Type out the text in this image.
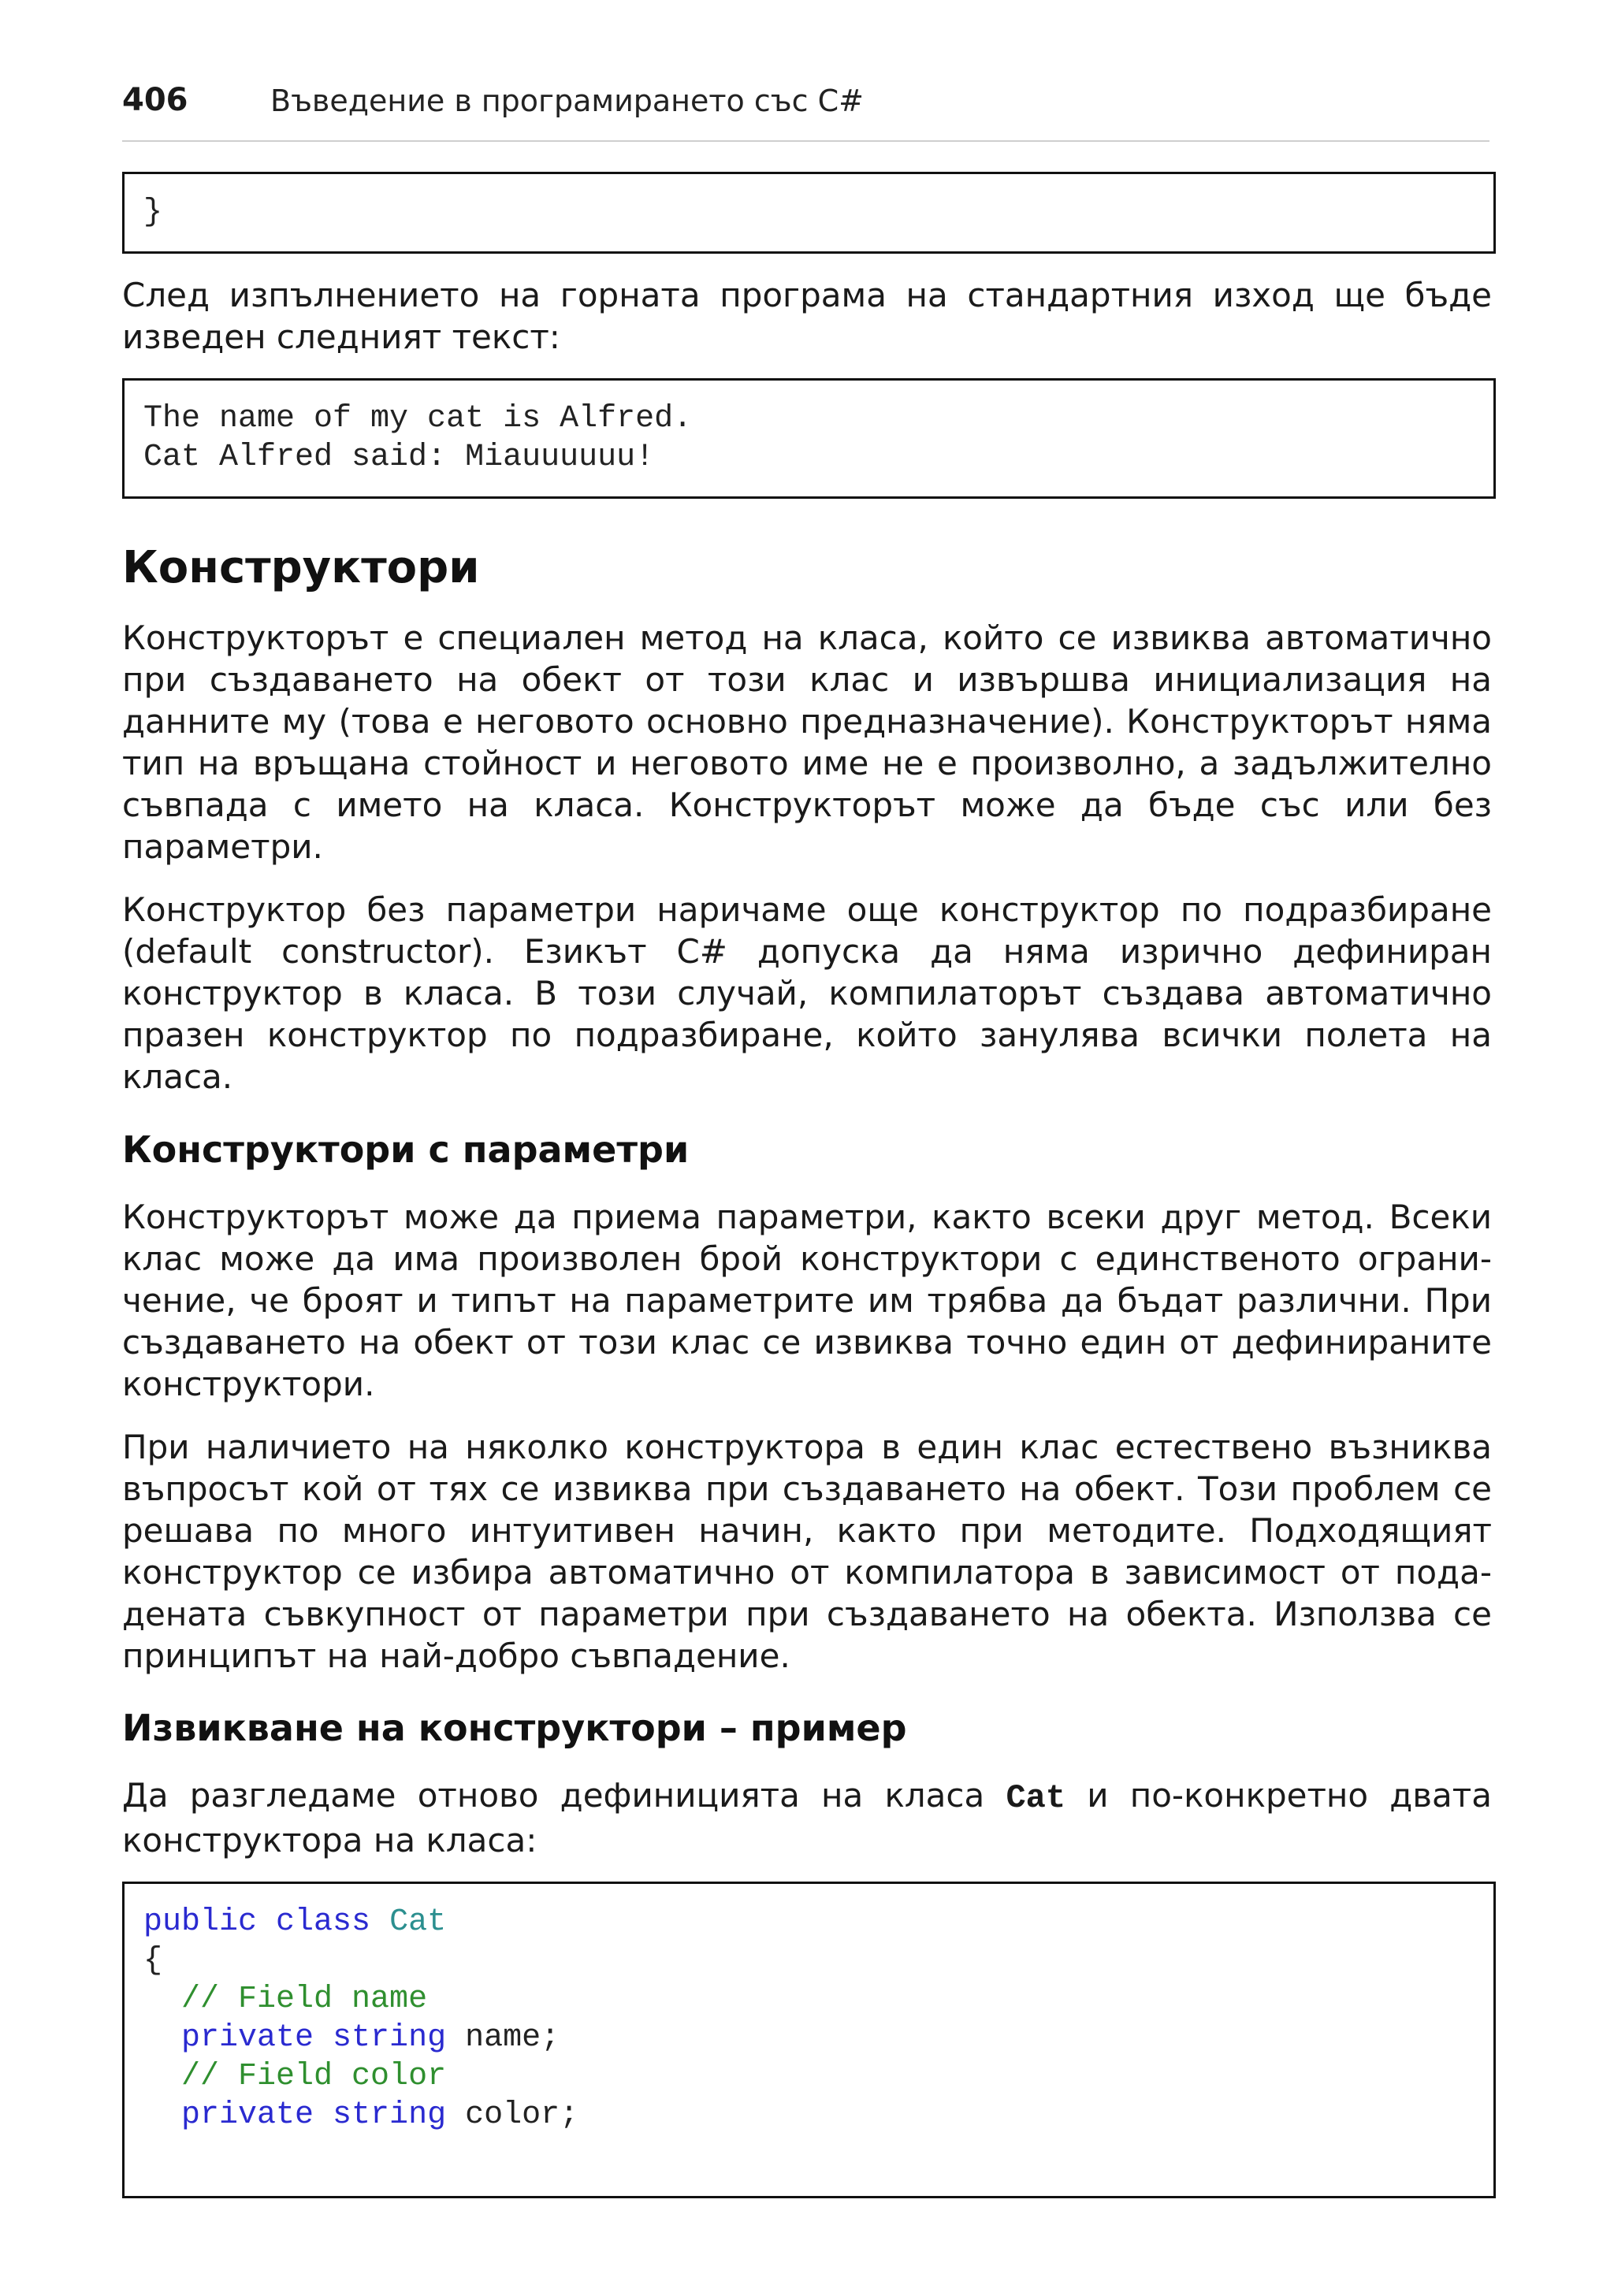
406	Въведение в програмирането със C#
}

След изпълнението на горната програма на стандартния изход ще бъде изведен следният текст:

The name of my cat is Alfred.
Cat Alfred said: Miauuuuuu!
Конструктори

Конструкторът е специален метод на класа, който се извиква автоматично при създаването на обект от този клас и извършва инициализация на данните му (това е неговото основно предназначение). Конструкторът няма тип на връщана стойност и неговото име не е произволно, а задължително съвпада с името на класа. Конструкторът може да бъде със или без параметри.

Конструктор без параметри наричаме още конструктор по подразбиране (default constructor). Езикът C# допуска да няма изрично дефиниран конструктор в класа. В този случай, компилаторът създава автоматично празен конструктор по подразбиране, който занулява всички полета на класа.

Конструктори с параметри

Конструкторът може да приема параметри, както всеки друг метод. Всеки клас може да има произволен брой конструктори с единственото ограни-чение, че броят и типът на параметрите им трябва да бъдат различни. При създаването на обект от този клас се извиква точно един от дефинираните конструктори.

При наличието на няколко конструктора в един клас естествено възниква въпросът кой от тях се извиква при създаването на обект. Този проблем се решава по много интуитивен начин, както при методите. Подходящият конструктор се избира автоматично от компилатора в зависимост от пода-дената съвкупност от параметри при създаването на обекта. Използва се принципът на най-добро съвпадение.

Извикване на конструктори – пример

Да разгледаме отново дефиницията на класа Cat и по-конкретно двата конструктора на класа:

public class Cat
{
// Field name
private string name;
// Field color
private string color;
